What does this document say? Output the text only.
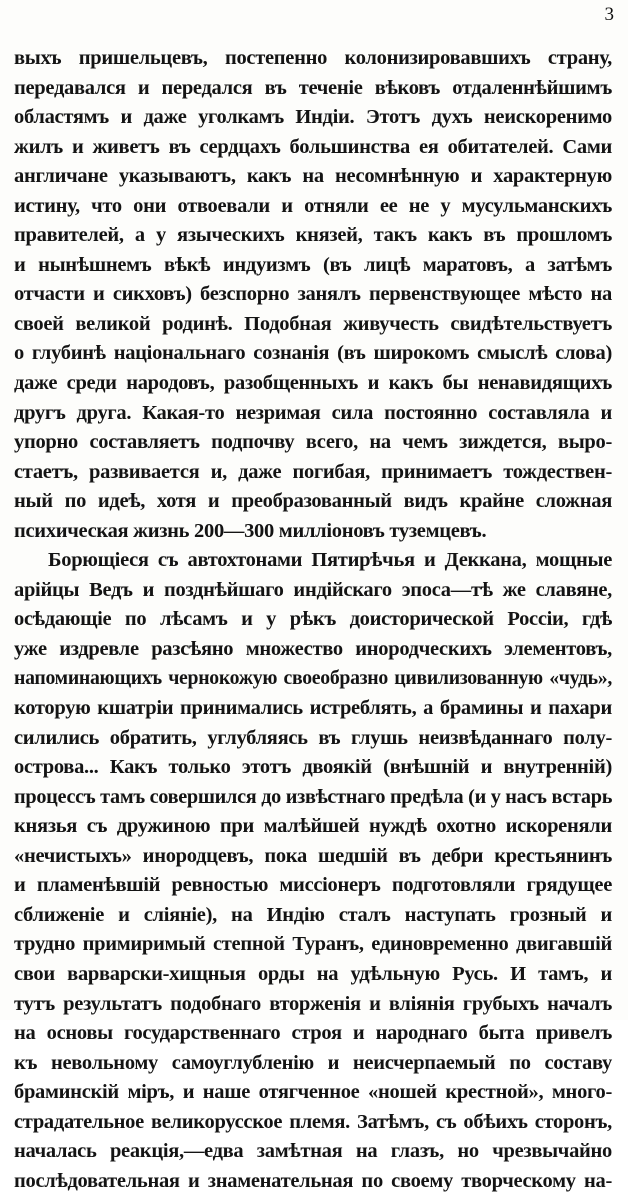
3
выхъ пришельцевъ, постепенно колонизировавшихъ страну,
передавался и передался въ теченіе вѣковъ отдаленнѣйшимъ
областямъ и даже уголкамъ Индіи. Этотъ духъ неискоренимо
жилъ и живетъ въ сердцахъ большинства ея обитателей. Сами
англичане указываютъ, какъ на несомнѣнную и характерную
истину, что они отвоевали и отняли ее не у мусульманскихъ
правителей, а у языческихъ князей, такъ какъ въ прошломъ
и нынѣшнемъ вѣкѣ индуизмъ (въ лицѣ маратовъ, а затѣмъ
отчасти и сикховъ) безспорно занялъ первенствующее мѣсто на
своей великой родинѣ. Подобная живучесть свидѣтельствуетъ
о глубинѣ національнаго сознанія (въ широкомъ смыслѣ слова)
даже среди народовъ, разобщенныхъ и какъ бы ненавидящихъ
другъ друга. Какая-то незримая сила постоянно составляла и
упорно составляетъ подпочву всего, на чемъ зиждется, выро-
стаетъ, развивается и, даже погибая, принимаетъ тождествен-
ный по идеѣ, хотя и преобразованный видъ крайне сложная
психическая жизнь 200—300 милліоновъ туземцевъ.
Борющіеся съ автохтонами Пятирѣчья и Деккана, мощные
арійцы Ведъ и позднѣйшаго индійскаго эпоса—тѣ же славяне,
осѣдающіе по лѣсамъ и у рѣкъ доисторической Россіи, гдѣ
уже издревле разсѣяно множество инородческихъ элементовъ,
напоминающихъ чернокожую своеобразно цивилизованную «чудь»,
которую кшатріи принимались истреблять, а брамины и пахари
силились обратить, углубляясь въ глушь неизвѣданнаго полу-
острова... Какъ только этотъ двоякій (внѣшній и внутренній)
процессъ тамъ совершился до извѣстнаго предѣла (и у насъ встарь
князья съ дружиною при малѣйшей нуждѣ охотно искореняли
«нечистыхъ» инородцевъ, пока шедшій въ дебри крестьянинъ
и пламенѣвшій ревностью миссіонеръ подготовляли грядущее
сближеніе и сліяніе), на Индію сталъ наступать грозный и
трудно примиримый степной Туранъ, единовременно двигавшій
свои варварски-хищныя орды на удѣльную Русь. И тамъ, и
тутъ результатъ подобнаго вторженія и вліянія грубыхъ началъ
на основы государственнаго строя и народнаго быта привелъ
къ невольному самоуглубленію и неисчерпаемый по составу
браминскій міръ, и наше отягченное «ношей крестной», много-
страдательное великорусское племя. Затѣмъ, съ обѣихъ сторонъ,
началась реакція,—едва замѣтная на глазъ, но чрезвычайно
послѣдовательная и знаменательная по своему творческому на-
